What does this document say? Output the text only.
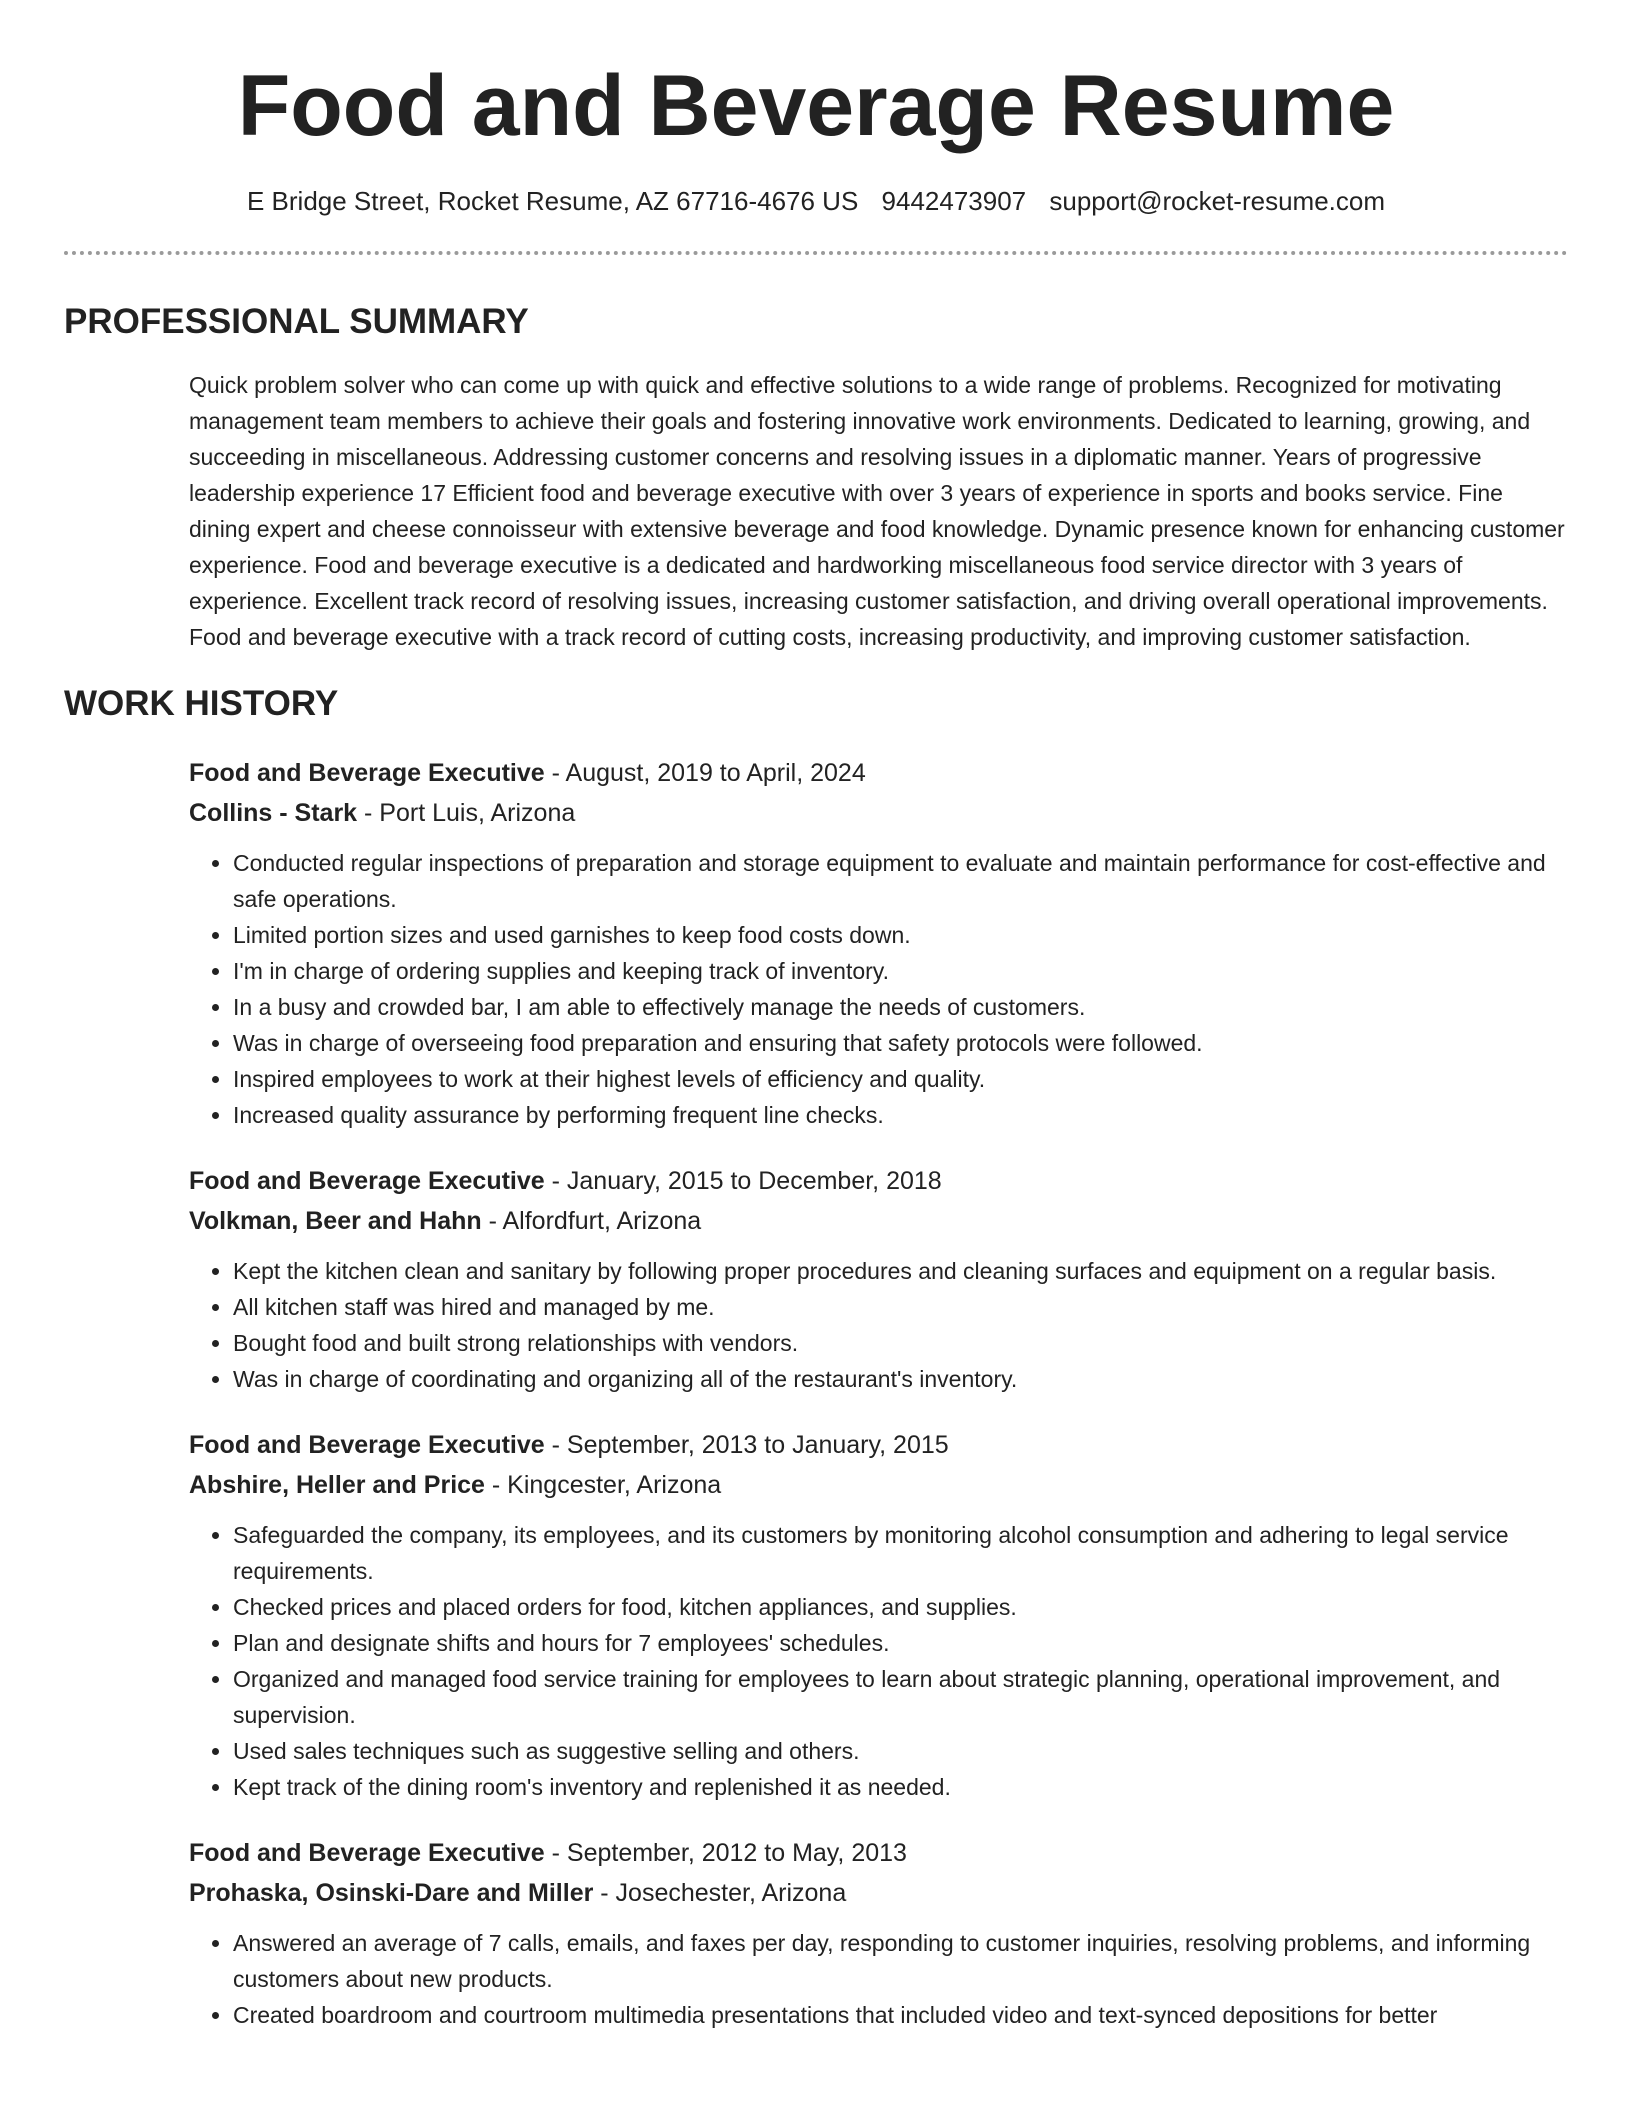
Food and Beverage Resume
E Bridge Street, Rocket Resume, AZ 67716-4676 US 9442473907 support@rocket-resume.com
PROFESSIONAL SUMMARY
Quick problem solver who can come up with quick and effective solutions to a wide range of problems. Recognized for motivating management team members to achieve their goals and fostering innovative work environments. Dedicated to learning, growing, and succeeding in miscellaneous. Addressing customer concerns and resolving issues in a diplomatic manner. Years of progressive leadership experience 17 Efficient food and beverage executive with over 3 years of experience in sports and books service. Fine dining expert and cheese connoisseur with extensive beverage and food knowledge. Dynamic presence known for enhancing customer experience. Food and beverage executive is a dedicated and hardworking miscellaneous food service director with 3 years of experience. Excellent track record of resolving issues, increasing customer satisfaction, and driving overall operational improvements. Food and beverage executive with a track record of cutting costs, increasing productivity, and improving customer satisfaction.
WORK HISTORY
Food and Beverage Executive - August, 2019 to April, 2024
Collins - Stark - Port Luis, Arizona
• Conducted regular inspections of preparation and storage equipment to evaluate and maintain performance for cost-effective and safe operations.
• Limited portion sizes and used garnishes to keep food costs down.
• I'm in charge of ordering supplies and keeping track of inventory.
• In a busy and crowded bar, I am able to effectively manage the needs of customers.
• Was in charge of overseeing food preparation and ensuring that safety protocols were followed.
• Inspired employees to work at their highest levels of efficiency and quality.
• Increased quality assurance by performing frequent line checks.
Food and Beverage Executive - January, 2015 to December, 2018
Volkman, Beer and Hahn - Alfordfurt, Arizona
• Kept the kitchen clean and sanitary by following proper procedures and cleaning surfaces and equipment on a regular basis.
• All kitchen staff was hired and managed by me.
• Bought food and built strong relationships with vendors.
• Was in charge of coordinating and organizing all of the restaurant's inventory.
Food and Beverage Executive - September, 2013 to January, 2015
Abshire, Heller and Price - Kingcester, Arizona
• Safeguarded the company, its employees, and its customers by monitoring alcohol consumption and adhering to legal service requirements.
• Checked prices and placed orders for food, kitchen appliances, and supplies.
• Plan and designate shifts and hours for 7 employees' schedules.
• Organized and managed food service training for employees to learn about strategic planning, operational improvement, and supervision.
• Used sales techniques such as suggestive selling and others.
• Kept track of the dining room's inventory and replenished it as needed.
Food and Beverage Executive - September, 2012 to May, 2013
Prohaska, Osinski-Dare and Miller - Josechester, Arizona
• Answered an average of 7 calls, emails, and faxes per day, responding to customer inquiries, resolving problems, and informing customers about new products.
• Created boardroom and courtroom multimedia presentations that included video and text-synced depositions for better
